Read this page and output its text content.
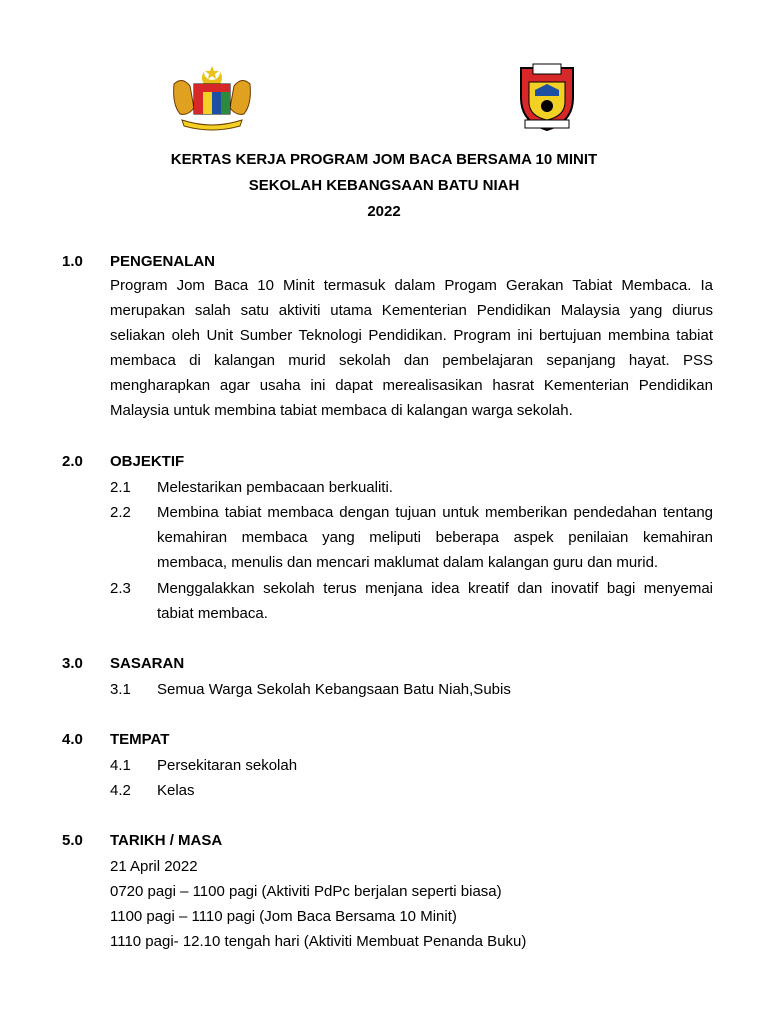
KERTAS KERJA PROGRAM JOM BACA BERSAMA 10 MINIT
SEKOLAH KEBANGSAAN BATU NIAH
2022
1.0 PENGENALAN
Program Jom Baca 10 Minit termasuk dalam Progam Gerakan Tabiat Membaca. Ia merupakan salah satu aktiviti utama Kementerian Pendidikan Malaysia yang diurus seliakan oleh Unit Sumber Teknologi Pendidikan. Program ini bertujuan membina tabiat membaca di kalangan murid sekolah dan pembelajaran sepanjang hayat. PSS mengharapkan agar usaha ini dapat merealisasikan hasrat Kementerian Pendidikan Malaysia untuk membina tabiat membaca di kalangan warga sekolah.
2.0 OBJEKTIF
2.1 Melestarikan pembacaan berkualiti.
2.2 Membina tabiat membaca dengan tujuan untuk memberikan pendedahan tentang kemahiran membaca yang meliputi beberapa aspek penilaian kemahiran membaca, menulis dan mencari maklumat dalam kalangan guru dan murid.
2.3 Menggalakkan sekolah terus menjana idea kreatif dan inovatif bagi menyemai tabiat membaca.
3.0 SASARAN
3.1 Semua Warga Sekolah Kebangsaan Batu Niah,Subis
4.0 TEMPAT
4.1 Persekitaran sekolah
4.2 Kelas
5.0 TARIKH / MASA
21 April 2022
0720 pagi – 1100 pagi (Aktiviti PdPc berjalan seperti biasa)
1100 pagi – 1110 pagi (Jom Baca Bersama 10 Minit)
1110 pagi- 12.10 tengah hari (Aktiviti Membuat Penanda Buku)
